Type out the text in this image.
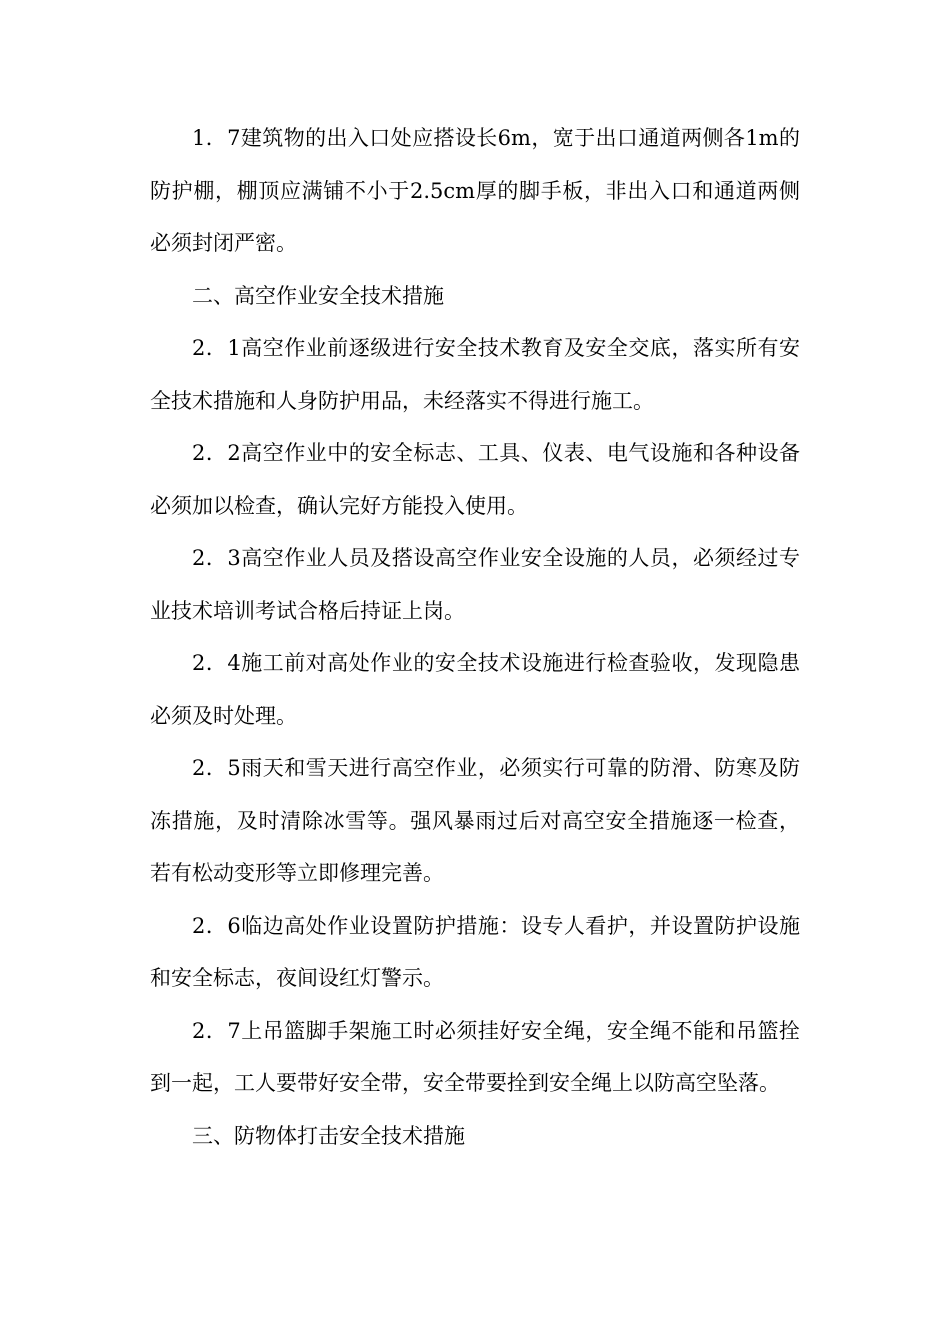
1．7建筑物的出入口处应搭设长6m，宽于出口通道两侧各1m的防护棚，棚顶应满铺不小于2.5cm厚的脚手板，非出入口和通道两侧必须封闭严密。

二、高空作业安全技术措施

2．1高空作业前逐级进行安全技术教育及安全交底，落实所有安全技术措施和人身防护用品，未经落实不得进行施工。

2．2高空作业中的安全标志、工具、仪表、电气设施和各种设备必须加以检查，确认完好方能投入使用。

2．3高空作业人员及搭设高空作业安全设施的人员，必须经过专业技术培训考试合格后持证上岗。

2．4施工前对高处作业的安全技术设施进行检查验收，发现隐患必须及时处理。

2．5雨天和雪天进行高空作业，必须实行可靠的防滑、防寒及防冻措施，及时清除冰雪等。强风暴雨过后对高空安全措施逐一检查，若有松动变形等立即修理完善。

2．6临边高处作业设置防护措施：设专人看护，并设置防护设施和安全标志，夜间设红灯警示。

2．7上吊篮脚手架施工时必须挂好安全绳，安全绳不能和吊篮拴到一起，工人要带好安全带，安全带要拴到安全绳上以防高空坠落。

三、防物体打击安全技术措施
